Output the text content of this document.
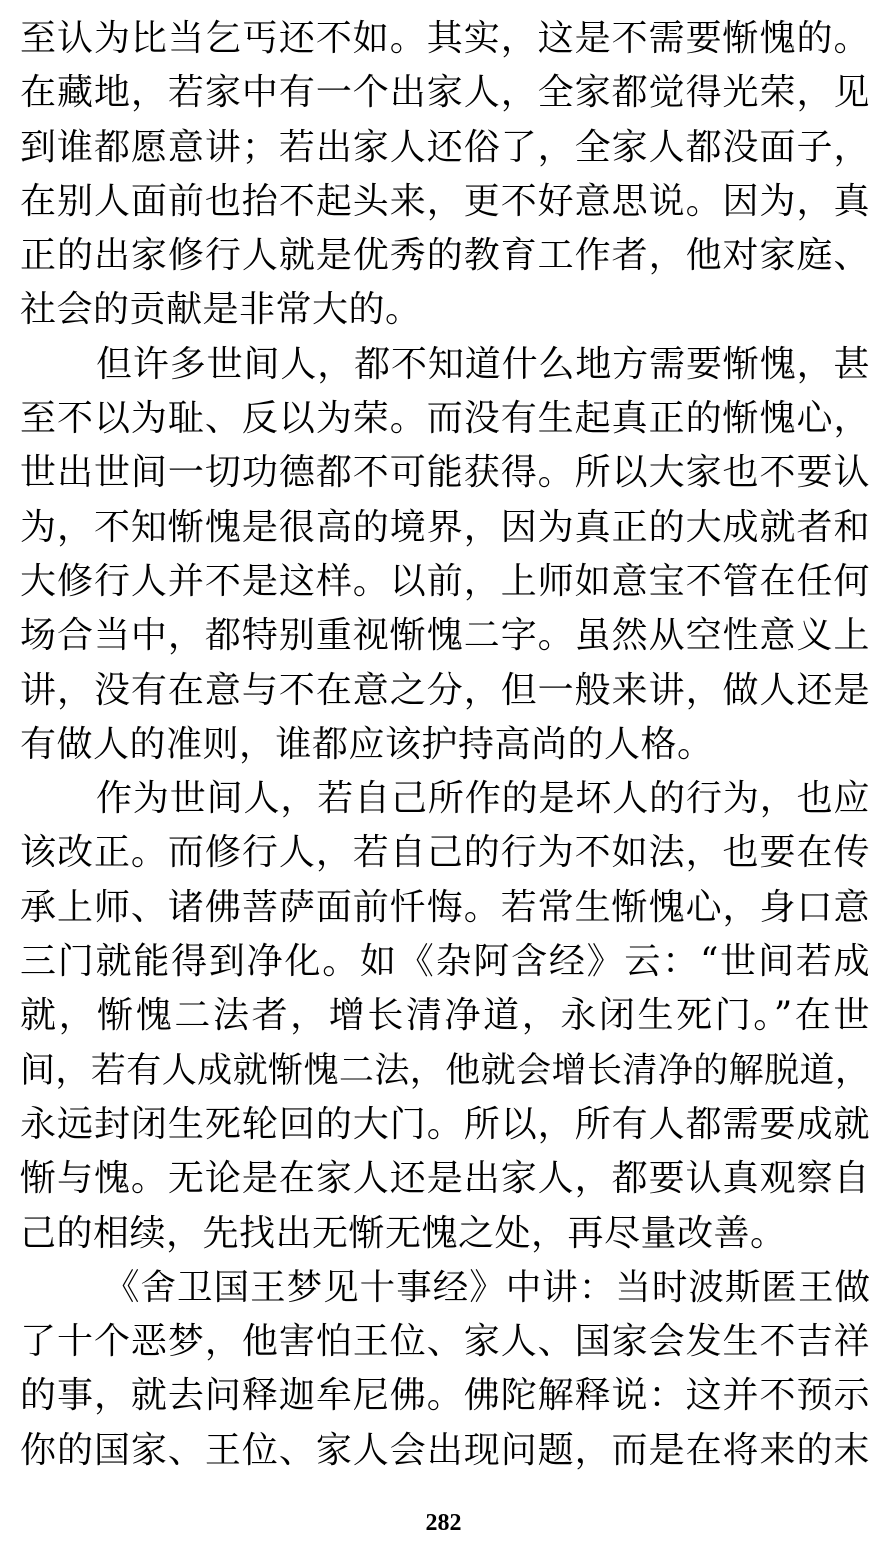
至认为比当乞丐还不如。其实，这是不需要惭愧的。
在藏地，若家中有一个出家人，全家都觉得光荣，见
到谁都愿意讲；若出家人还俗了，全家人都没面子，
在别人面前也抬不起头来，更不好意思说。因为，真
正的出家修行人就是优秀的教育工作者，他对家庭、
社会的贡献是非常大的。
但许多世间人，都不知道什么地方需要惭愧，甚
至不以为耻、反以为荣。而没有生起真正的惭愧心，
世出世间一切功德都不可能获得。所以大家也不要认
为，不知惭愧是很高的境界，因为真正的大成就者和
大修行人并不是这样。以前，上师如意宝不管在任何
场合当中，都特别重视惭愧二字。虽然从空性意义上
讲，没有在意与不在意之分，但一般来讲，做人还是
有做人的准则，谁都应该护持高尚的人格。
作为世间人，若自己所作的是坏人的行为，也应
该改正。而修行人，若自己的行为不如法，也要在传
承上师、诸佛菩萨面前忏悔。若常生惭愧心，身口意
三门就能得到净化。如《杂阿含经》云：“世间若成
就，惭愧二法者，增长清净道，永闭生死门。”在世
间，若有人成就惭愧二法，他就会增长清净的解脱道，
永远封闭生死轮回的大门。所以，所有人都需要成就
惭与愧。无论是在家人还是出家人，都要认真观察自
己的相续，先找出无惭无愧之处，再尽量改善。
《舍卫国王梦见十事经》中讲：当时波斯匿王做
了十个恶梦，他害怕王位、家人、国家会发生不吉祥
的事，就去问释迦牟尼佛。佛陀解释说：这并不预示
你的国家、王位、家人会出现问题，而是在将来的末
282
